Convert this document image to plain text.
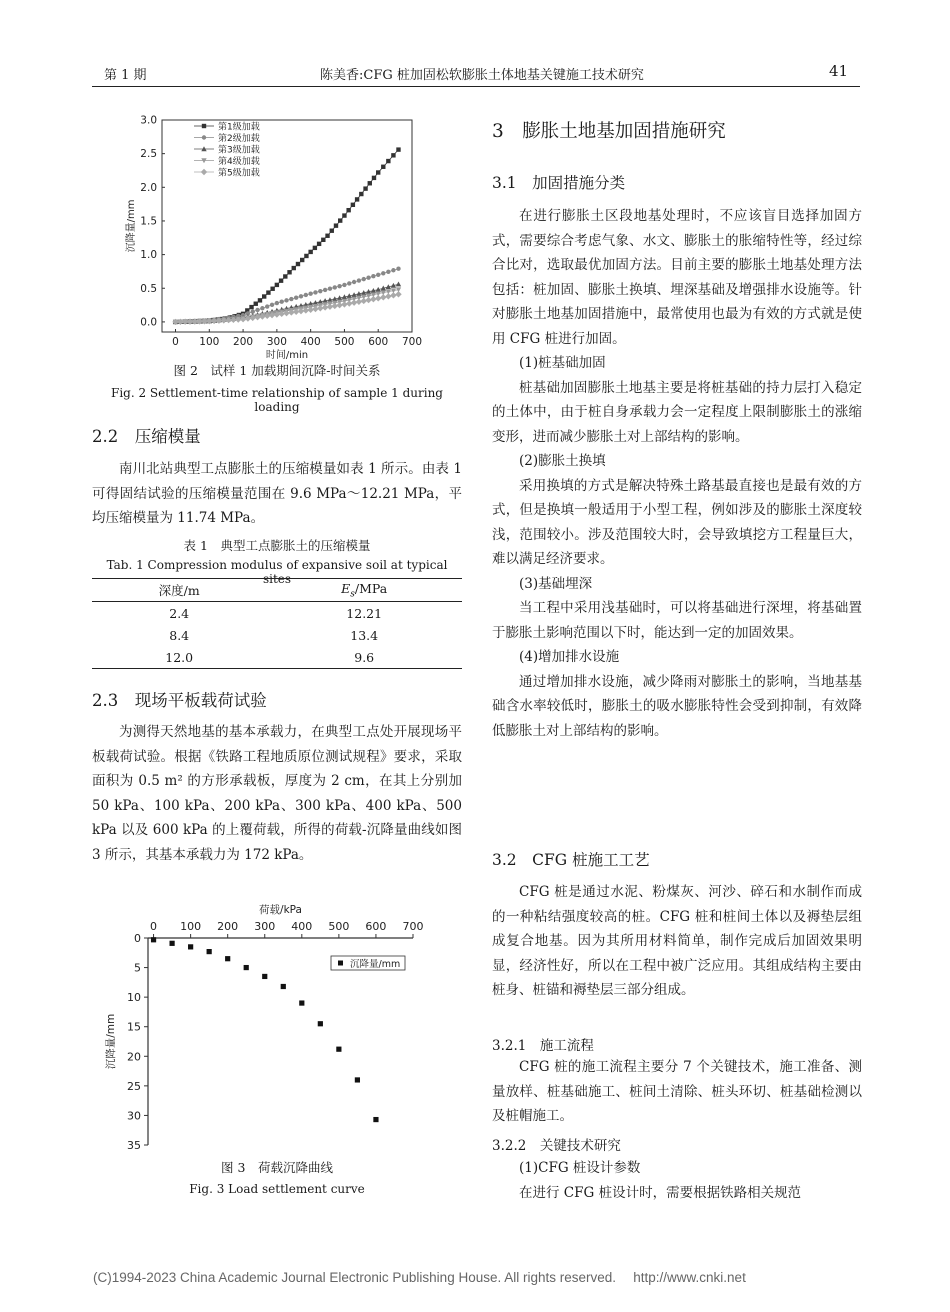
第 1 期	陈美香:CFG 桩加固松软膨胀土体地基关键施工技术研究	41
0 100 200 300 400 500 600 700
0.0
0.5
1.0
1.5
2.0
2.5
3.0
时间/min
沉降量/mm
第1级加载
第2级加载
第3级加载
第4级加载
第5级加载
图 2　试样 1 加载期间沉降-时间关系
Fig. 2 Settlement-time relationship of sample 1 during loading
2.2　压缩模量

南川北站典型工点膨胀土的压缩模量如表 1 所示。由表 1 可得固结试验的压缩模量范围在 9.6 MPa～12.21 MPa，平均压缩模量为 11.74 MPa。

表 1　典型工点膨胀土的压缩模量
Tab. 1 Compression modulus of expansive soil at typical sites
深度/m	$E_s$/MPa
2.4	12.21
8.4	13.4
12.0	9.6
2.3　现场平板载荷试验

为测得天然地基的基本承载力，在典型工点处开展现场平板载荷试验。根据《铁路工程地质原位测试规程》要求，采取面积为 0.5 m² 的方形承载板，厚度为 2 cm，在其上分别加 50 kPa、100 kPa、200 kPa、300 kPa、400 kPa、500 kPa 以及 600 kPa 的上覆荷载，所得的荷载-沉降量曲线如图 3 所示，其基本承载力为 172 kPa。

0 100 200 300 400 500 600 700
荷载/kPa
0
5
10
15
20
25
30
35
沉降量/mm
沉降量/mm
图 3　荷载沉降曲线
Fig. 3 Load settlement curve
3　膨胀土地基加固措施研究
3.1　加固措施分类

在进行膨胀土区段地基处理时，不应该盲目选择加固方式，需要综合考虑气象、水文、膨胀土的胀缩特性等，经过综合比对，选取最优加固方法。目前主要的膨胀土地基处理方法包括：桩加固、膨胀土换填、埋深基础及增强排水设施等。针对膨胀土地基加固措施中，最常使用也最为有效的方式就是使用 CFG 桩进行加固。

(1)桩基础加固

桩基础加固膨胀土地基主要是将桩基础的持力层打入稳定的土体中，由于桩自身承载力会一定程度上限制膨胀土的涨缩变形，进而减少膨胀土对上部结构的影响。

(2)膨胀土换填

采用换填的方式是解决特殊土路基最直接也是最有效的方式，但是换填一般适用于小型工程，例如涉及的膨胀土深度较浅，范围较小。涉及范围较大时，会导致填挖方工程量巨大，难以满足经济要求。

(3)基础埋深

当工程中采用浅基础时，可以将基础进行深埋，将基础置于膨胀土影响范围以下时，能达到一定的加固效果。

(4)增加排水设施

通过增加排水设施，减少降雨对膨胀土的影响，当地基基础含水率较低时，膨胀土的吸水膨胀特性会受到抑制，有效降低膨胀土对上部结构的影响。

3.2　CFG 桩施工工艺

CFG 桩是通过水泥、粉煤灰、河沙、碎石和水制作而成的一种粘结强度较高的桩。CFG 桩和桩间土体以及褥垫层组成复合地基。因为其所用材料简单，制作完成后加固效果明显，经济性好，所以在工程中被广泛应用。其组成结构主要由桩身、桩锚和褥垫层三部分组成。

3.2.1　施工流程

CFG 桩的施工流程主要分 7 个关键技术，施工准备、测量放样、桩基础施工、桩间土清除、桩头环切、桩基础检测以及桩帽施工。

3.2.2　关键技术研究

(1)CFG 桩设计参数

在进行 CFG 桩设计时，需要根据铁路相关规范

(C)1994-2023 China Academic Journal Electronic Publishing House. All rights reserved.　 http://www.cnki.net
